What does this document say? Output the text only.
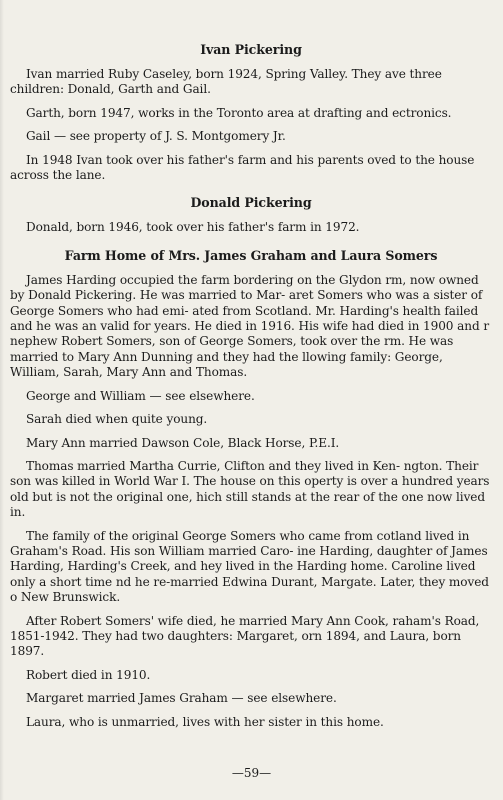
Ivan Pickering

Ivan married Ruby Caseley, born 1924, Spring Valley. They ave three children: Donald, Garth and Gail.

Garth, born 1947, works in the Toronto area at drafting and ectronics.

Gail — see property of J. S. Montgomery Jr.

In 1948 Ivan took over his father's farm and his parents oved to the house across the lane.

Donald Pickering

Donald, born 1946, took over his father's farm in 1972.

Farm Home of Mrs. James Graham and Laura Somers

James Harding occupied the farm bordering on the Glydon rm, now owned by Donald Pickering. He was married to Mar- aret Somers who was a sister of George Somers who had emi- ated from Scotland. Mr. Harding's health failed and he was an valid for years. He died in 1916. His wife had died in 1900 and r nephew Robert Somers, son of George Somers, took over the rm. He was married to Mary Ann Dunning and they had the llowing family: George, William, Sarah, Mary Ann and Thomas.

George and William — see elsewhere.

Sarah died when quite young.

Mary Ann married Dawson Cole, Black Horse, P.E.I.

Thomas married Martha Currie, Clifton and they lived in Ken- ngton. Their son was killed in World War I. The house on this operty is over a hundred years old but is not the original one, hich still stands at the rear of the one now lived in.

The family of the original George Somers who came from cotland lived in Graham's Road. His son William married Caro- ine Harding, daughter of James Harding, Harding's Creek, and hey lived in the Harding home. Caroline lived only a short time nd he re-married Edwina Durant, Margate. Later, they moved o New Brunswick.

After Robert Somers' wife died, he married Mary Ann Cook, raham's Road, 1851-1942. They had two daughters: Margaret, orn 1894, and Laura, born 1897.

Robert died in 1910.

Margaret married James Graham — see elsewhere.

Laura, who is unmarried, lives with her sister in this home.

—59—
